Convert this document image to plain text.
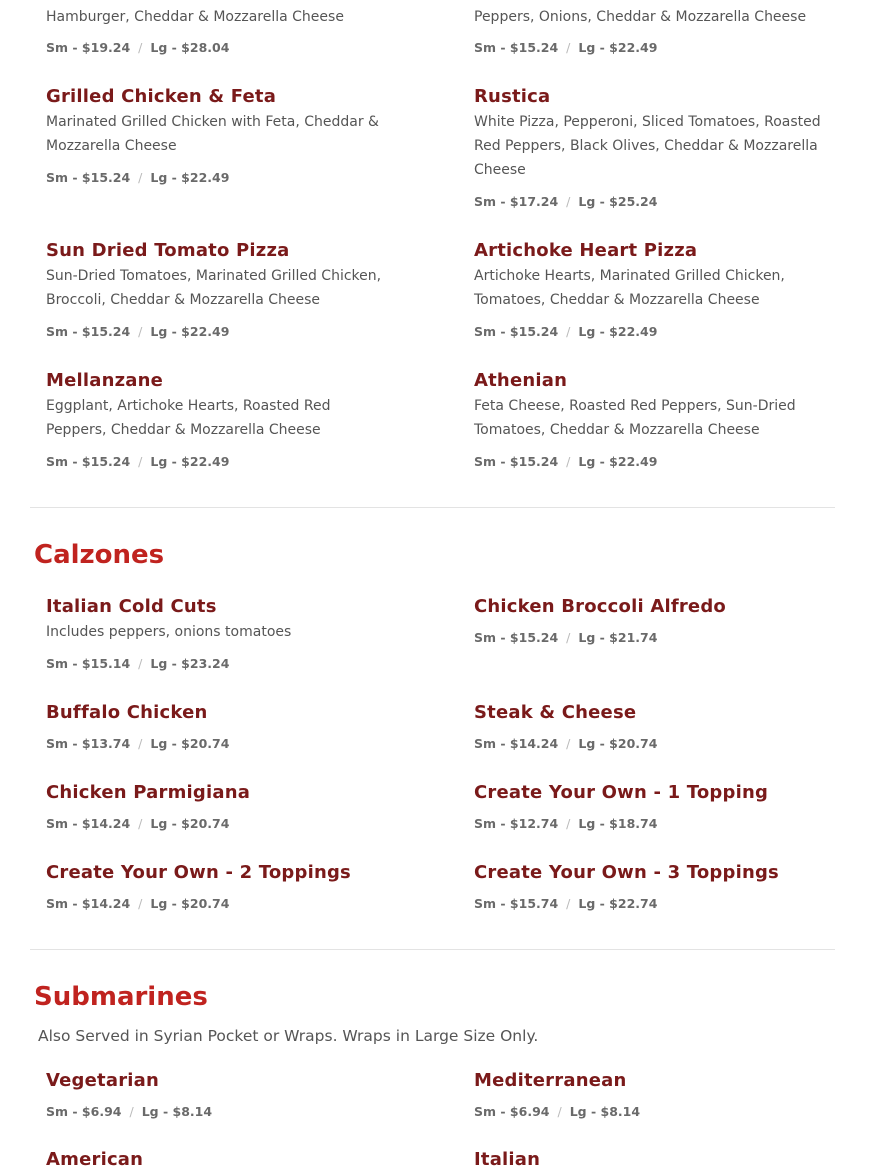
Hamburger, Cheddar & Mozzarella Cheese
Sm - $19.24 / Lg - $28.04
Peppers, Onions, Cheddar & Mozzarella Cheese
Sm - $15.24 / Lg - $22.49
Grilled Chicken & Feta
Marinated Grilled Chicken with Feta, Cheddar & Mozzarella Cheese
Sm - $15.24 / Lg - $22.49
Rustica
White Pizza, Pepperoni, Sliced Tomatoes, Roasted Red Peppers, Black Olives, Cheddar & Mozzarella Cheese
Sm - $17.24 / Lg - $25.24
Sun Dried Tomato Pizza
Sun-Dried Tomatoes, Marinated Grilled Chicken, Broccoli, Cheddar & Mozzarella Cheese
Sm - $15.24 / Lg - $22.49
Artichoke Heart Pizza
Artichoke Hearts, Marinated Grilled Chicken, Tomatoes, Cheddar & Mozzarella Cheese
Sm - $15.24 / Lg - $22.49
Mellanzane
Eggplant, Artichoke Hearts, Roasted Red Peppers, Cheddar & Mozzarella Cheese
Sm - $15.24 / Lg - $22.49
Athenian
Feta Cheese, Roasted Red Peppers, Sun-Dried Tomatoes, Cheddar & Mozzarella Cheese
Sm - $15.24 / Lg - $22.49
Calzones
Italian Cold Cuts
Includes peppers, onions tomatoes
Sm - $15.14 / Lg - $23.24
Chicken Broccoli Alfredo
Sm - $15.24 / Lg - $21.74
Buffalo Chicken
Sm - $13.74 / Lg - $20.74
Steak & Cheese
Sm - $14.24 / Lg - $20.74
Chicken Parmigiana
Sm - $14.24 / Lg - $20.74
Create Your Own - 1 Topping
Sm - $12.74 / Lg - $18.74
Create Your Own - 2 Toppings
Sm - $14.24 / Lg - $20.74
Create Your Own - 3 Toppings
Sm - $15.74 / Lg - $22.74
Submarines
Also Served in Syrian Pocket or Wraps. Wraps in Large Size Only.
Vegetarian
Sm - $6.94 / Lg - $8.14
Mediterranean
Sm - $6.94 / Lg - $8.14
American	Italian
